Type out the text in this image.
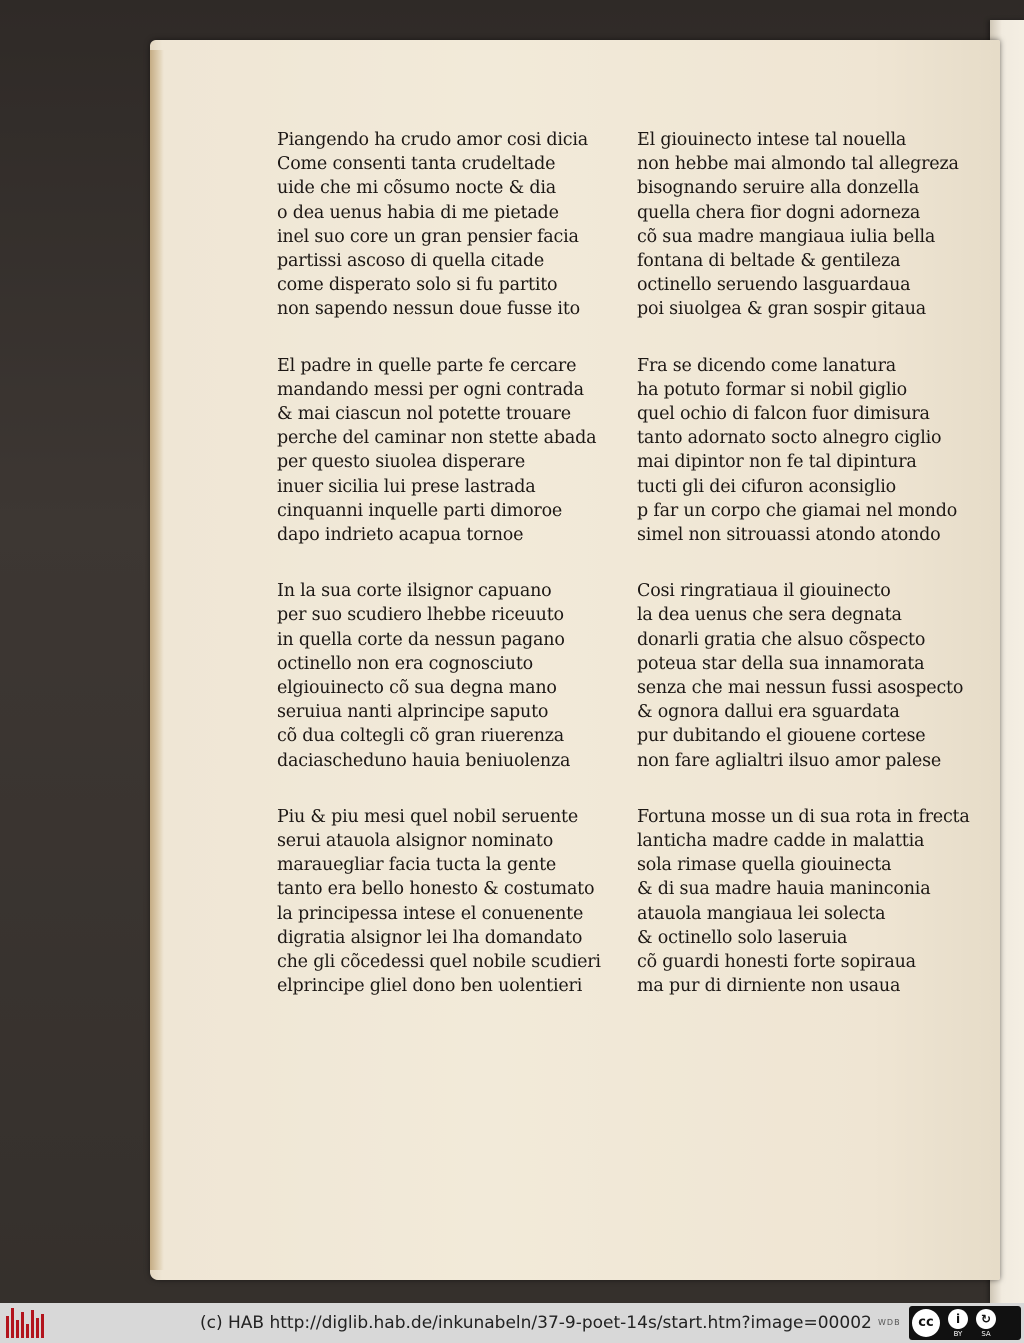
Piangendo ha crudo amor cosi dicia
Come consenti tanta crudeltade
uide che mi cõsumo nocte & dia
o dea uenus habia di me pietade
inel suo core un gran pensier facia
partissi ascoso di quella citade
come disperato solo si fu partito
non sapendo nessun doue fusse ito
El padre in quelle parte fe cercare
mandando messi per ogni contrada
& mai ciascun nol potette trouare
perche del caminar non stette abada
per questo siuolea disperare
inuer sicilia lui prese lastrada
cinquanni inquelle parti dimoroe
dapo indrieto acapua tornoe
In la sua corte ilsignor capuano
per suo scudiero lhebbe riceuuto
in quella corte da nessun pagano
octinello non era cognosciuto
elgiouinecto cõ sua degna mano
seruiua nanti alprincipe saputo
cõ dua coltegli cõ gran riuerenza
daciascheduno hauia beniuolenza
Piu & piu mesi quel nobil seruente
serui atauola alsignor nominato
marauegliar facia tucta la gente
tanto era bello honesto & costumato
la principessa intese el conuenente
digratia alsignor lei lha domandato
che gli cõcedessi quel nobile scudieri
elprincipe gliel dono ben uolentieri
El giouinecto intese tal nouella
non hebbe mai almondo tal allegreza
bisognando seruire alla donzella
quella chera fior dogni adorneza
cõ sua madre mangiaua iulia bella
fontana di beltade & gentileza
octinello seruendo lasguardaua
poi siuolgea & gran sospir gitaua
Fra se dicendo come lanatura
ha potuto formar si nobil giglio
quel ochio di falcon fuor dimisura
tanto adornato socto alnegro ciglio
mai dipintor non fe tal dipintura
tucti gli dei cifuron aconsiglio
p far un corpo che giamai nel mondo
simel non sitrouassi atondo atondo
Cosi ringratiaua il giouinecto
la dea uenus che sera degnata
donarli gratia che alsuo cõspecto
poteua star della sua innamorata
senza che mai nessun fussi asospecto
& ognora dallui era sguardata
pur dubitando el giouene cortese
non fare aglialtri ilsuo amor palese
Fortuna mosse un di sua rota in frecta
lanticha madre cadde in malattia
sola rimase quella giouinecta
& di sua madre hauia maninconia
atauola mangiaua lei solecta
& octinello solo laseruia
cõ guardi honesti forte sopiraua
ma pur di dirniente non usaua
(c) HAB http://diglib.hab.de/inkunabeln/37-9-poet-14s/start.htm?image=00002 WDB	cc	i
BY
↻
SA
